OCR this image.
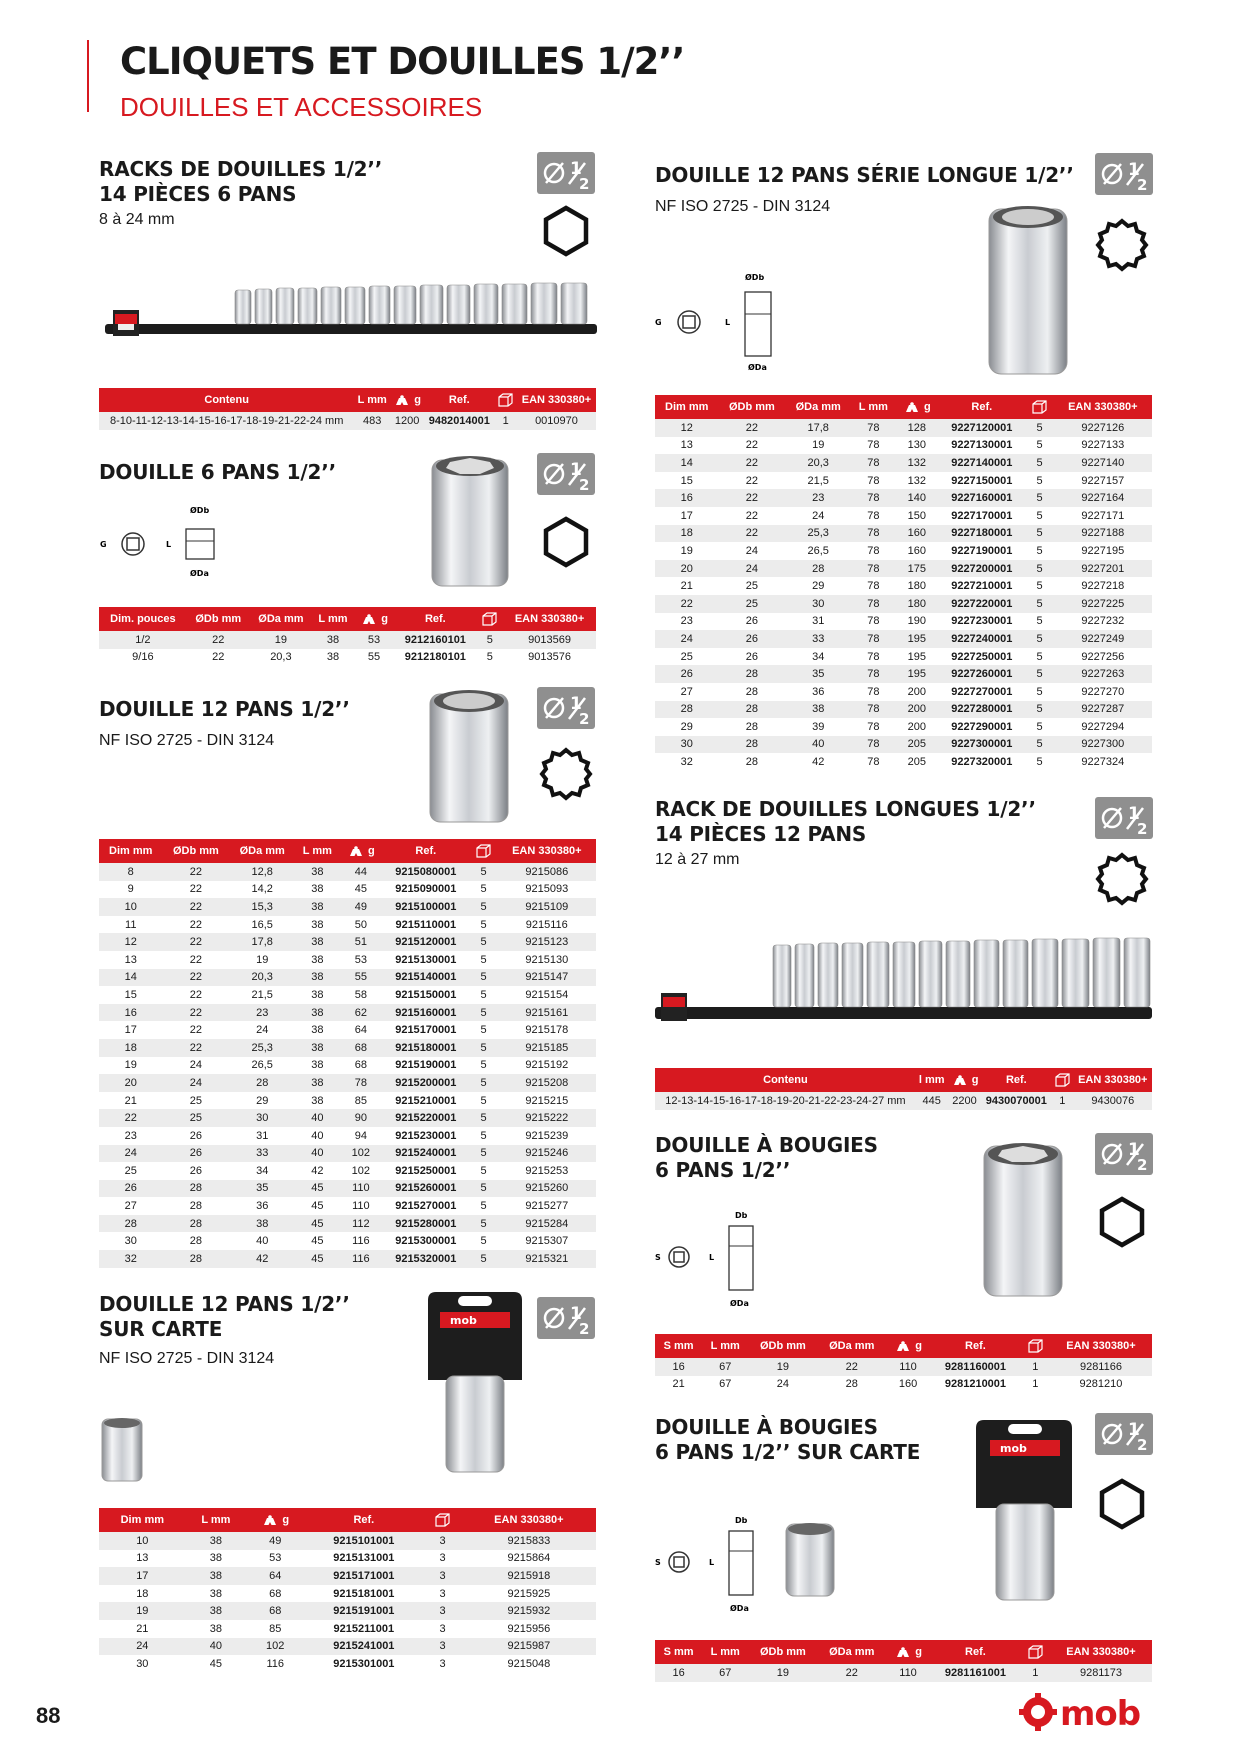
CLIQUETS ET DOUILLES 1/2’’
DOUILLES ET ACCESSOIRES
RACKS DE DOUILLES 1/2’’
14 PIÈCES 6 PANS
8 à 24 mm
Contenu	L mm	g	Ref.		EAN 330380+
8-10-11-12-13-14-15-16-17-18-19-21-22-24 mm	483	1200	9482014001	1	0010970
DOUILLE 6 PANS 1/2’’
ØDb
G	L
ØDa
Dim. pouces	ØDb mm	ØDa mm	L mm	g	Ref.		EAN 330380+
1/2	22	19	38	53	9212160101	5	9013569
9/16	22	20,3	38	55	9212180101	5	9013576
DOUILLE 12 PANS 1/2’’
NF ISO 2725 - DIN 3124
Dim mm	ØDb mm	ØDa mm	L mm	g	Ref.		EAN 330380+
8	22	12,8	38	44	9215080001	5	9215086
9	22	14,2	38	45	9215090001	5	9215093
10	22	15,3	38	49	9215100001	5	9215109
11	22	16,5	38	50	9215110001	5	9215116
12	22	17,8	38	51	9215120001	5	9215123
13	22	19	38	53	9215130001	5	9215130
14	22	20,3	38	55	9215140001	5	9215147
15	22	21,5	38	58	9215150001	5	9215154
16	22	23	38	62	9215160001	5	9215161
17	22	24	38	64	9215170001	5	9215178
18	22	25,3	38	68	9215180001	5	9215185
19	24	26,5	38	68	9215190001	5	9215192
20	24	28	38	78	9215200001	5	9215208
21	25	29	38	85	9215210001	5	9215215
22	25	30	40	90	9215220001	5	9215222
23	26	31	40	94	9215230001	5	9215239
24	26	33	40	102	9215240001	5	9215246
25	26	34	42	102	9215250001	5	9215253
26	28	35	45	110	9215260001	5	9215260
27	28	36	45	110	9215270001	5	9215277
28	28	38	45	112	9215280001	5	9215284
30	28	40	45	116	9215300001	5	9215307
32	28	42	45	116	9215320001	5	9215321
DOUILLE 12 PANS 1/2’’
SUR CARTE
NF ISO 2725 - DIN 3124
mob
Dim mm	L mm	g	Ref.		EAN 330380+
10	38	49	9215101001	3	9215833
13	38	53	9215131001	3	9215864
17	38	64	9215171001	3	9215918
18	38	68	9215181001	3	9215925
19	38	68	9215191001	3	9215932
21	38	85	9215211001	3	9215956
24	40	102	9215241001	3	9215987
30	45	116	9215301001	3	9215048
DOUILLE 12 PANS SÉRIE LONGUE 1/2’’
NF ISO 2725 - DIN 3124
ØDb
G	L
ØDa
Dim mm	ØDb mm	ØDa mm	L mm	g	Ref.		EAN 330380+
12	22	17,8	78	128	9227120001	5	9227126
13	22	19	78	130	9227130001	5	9227133
14	22	20,3	78	132	9227140001	5	9227140
15	22	21,5	78	132	9227150001	5	9227157
16	22	23	78	140	9227160001	5	9227164
17	22	24	78	150	9227170001	5	9227171
18	22	25,3	78	160	9227180001	5	9227188
19	24	26,5	78	160	9227190001	5	9227195
20	24	28	78	175	9227200001	5	9227201
21	25	29	78	180	9227210001	5	9227218
22	25	30	78	180	9227220001	5	9227225
23	26	31	78	190	9227230001	5	9227232
24	26	33	78	195	9227240001	5	9227249
25	26	34	78	195	9227250001	5	9227256
26	28	35	78	195	9227260001	5	9227263
27	28	36	78	200	9227270001	5	9227270
28	28	38	78	200	9227280001	5	9227287
29	28	39	78	200	9227290001	5	9227294
30	28	40	78	205	9227300001	5	9227300
32	28	42	78	205	9227320001	5	9227324
RACK DE DOUILLES LONGUES 1/2’’
14 PIÈCES 12 PANS
12 à 27 mm
Contenu	l mm	g	Ref.		EAN 330380+
12-13-14-15-16-17-18-19-20-21-22-23-24-27 mm	445	2200	9430070001	1	9430076
DOUILLE À BOUGIES
6 PANS 1/2’’
Db
S	L
ØDa
S mm	L mm	ØDb mm	ØDa mm	g	Ref.		EAN 330380+
16	67	19	22	110	9281160001	1	9281166
21	67	24	28	160	9281210001	1	9281210
DOUILLE À BOUGIES
6 PANS 1/2’’ SUR CARTE
Db
S	L
ØDa
mob
S mm	L mm	ØDb mm	ØDa mm	g	Ref.		EAN 330380+
16	67	19	22	110	9281161001	1	9281173
88	mob
